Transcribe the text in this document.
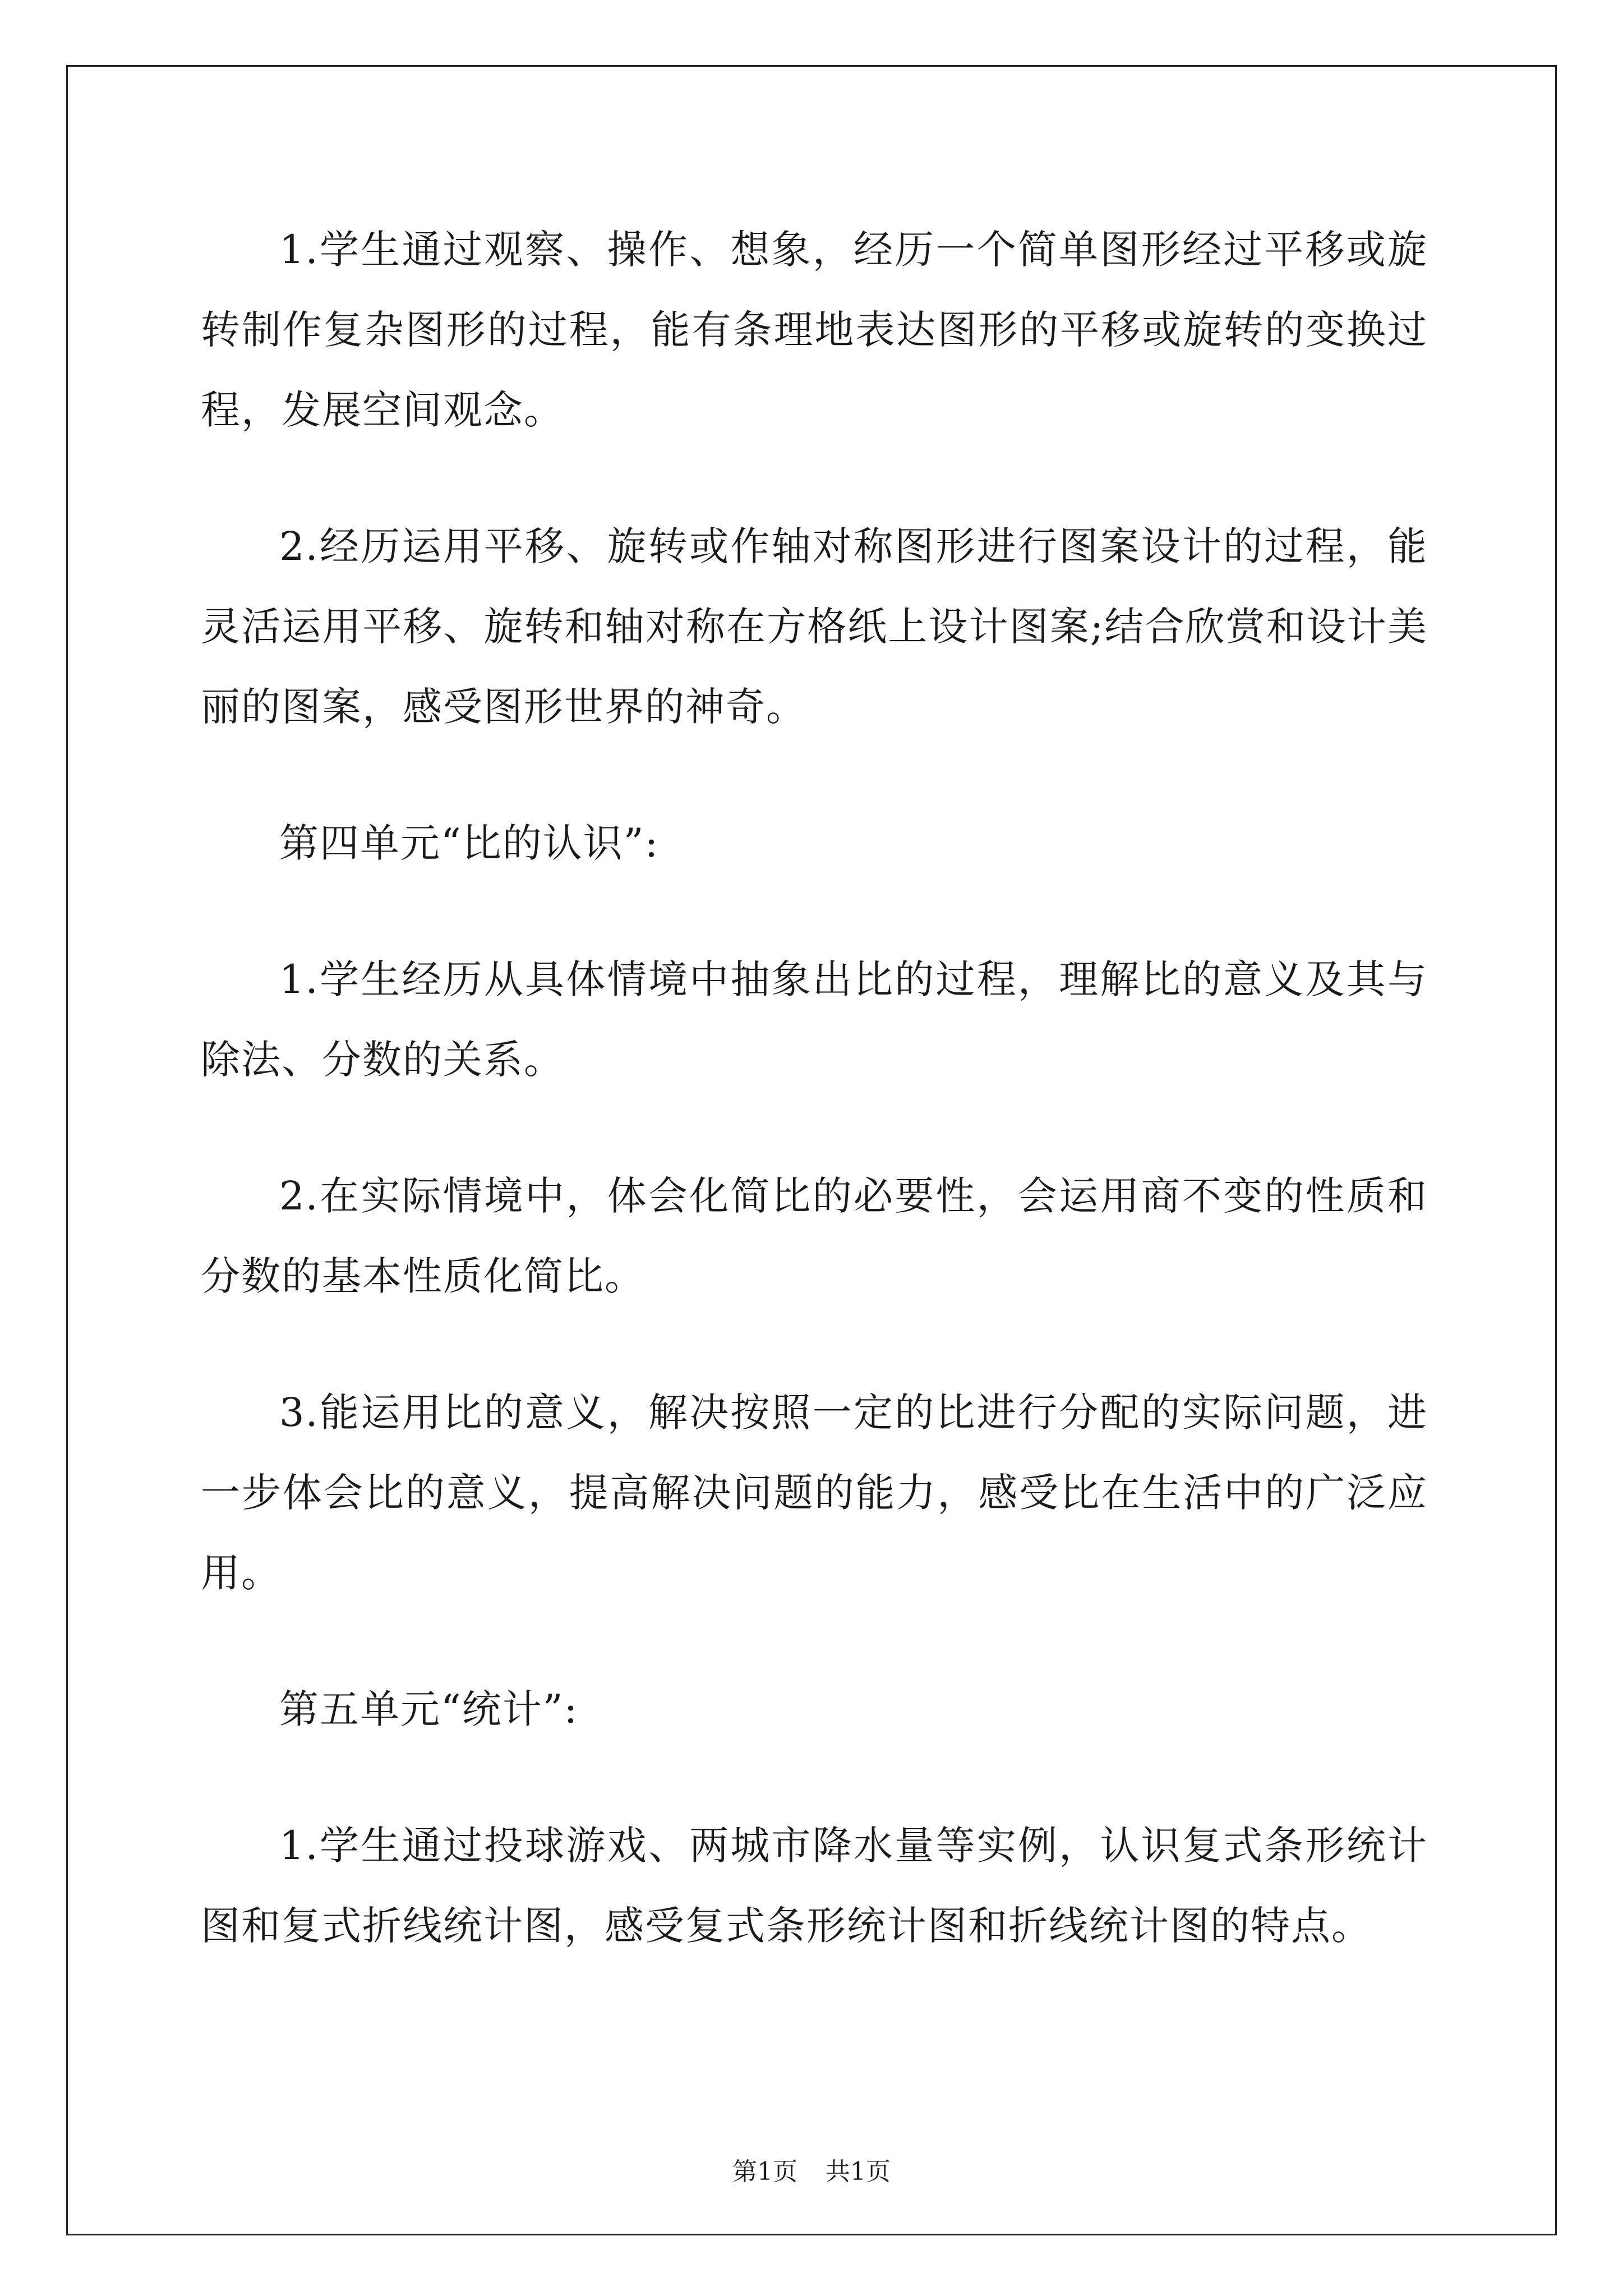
1.学生通过观察、操作、想象，经历一个简单图形经过平移或旋转制作复杂图形的过程，能有条理地表达图形的平移或旋转的变换过程，发展空间观念。

2.经历运用平移、旋转或作轴对称图形进行图案设计的过程，能灵活运用平移、旋转和轴对称在方格纸上设计图案;结合欣赏和设计美丽的图案，感受图形世界的神奇。

第四单元“比的认识”:

1.学生经历从具体情境中抽象出比的过程，理解比的意义及其与除法、分数的关系。

2.在实际情境中，体会化简比的必要性，会运用商不变的性质和分数的基本性质化简比。

3.能运用比的意义，解决按照一定的比进行分配的实际问题，进一步体会比的意义，提高解决问题的能力，感受比在生活中的广泛应用。

第五单元“统计”:

1.学生通过投球游戏、两城市降水量等实例，认识复式条形统计图和复式折线统计图，感受复式条形统计图和折线统计图的特点。

第1页 共1页
